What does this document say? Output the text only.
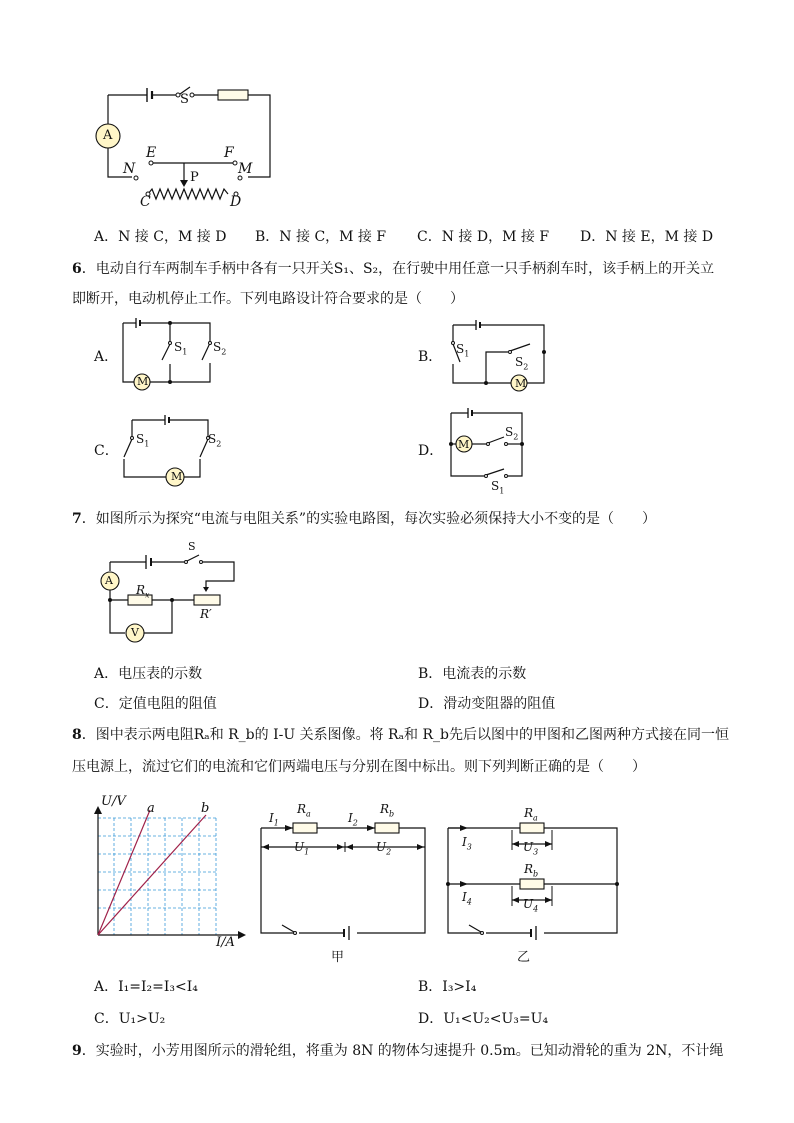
S
A
E	F
N	M
P
C	D
A．N 接 C，M 接 D B．N 接 C，M 接 F C．N 接 D，M 接 F D．N 接 E，M 接 D
6．电动自行车两制车手柄中各有一只开关S₁、S₂，在行驶中用任意一只手柄刹车时，该手柄上的开关立
即断开，电动机停止工作。下列电路设计符合要求的是（　　）
A．
M
$S_1$ $S_2$	B．
M
$S_1$
$S_2$
C．
M
$S_1$	$S_2$	D． M
$S_2$
$S_1$
7．如图所示为探究“电流与电阻关系”的实验电路图，每次实验必须保持大小不变的是（　　）
S
A
$R_x$
R′
V
A．电压表的示数	B．电流表的示数
C．定值电阻的阻值	D．滑动变阻器的阻值
8．图中表示两电阻Rₐ和 R_b的 I-U 关系图像。将 Rₐ和 R_b先后以图中的甲图和乙图两种方式接在同一恒
压电源上，流过它们的电流和它们两端电压与分别在图中标出。则下列判断正确的是（　　）
U/V
I/A
a	b
$I_1$
$R_a$	$I_2$
$R_b$
$U_1$	$U_2$
甲
$R_a$
$I_3$	$U_3$
$R_b$
$I_4$	$U_4$
乙
A．I₁=I₂=I₃<I₄	B．I₃>I₄
C．U₁>U₂	D．U₁<U₂<U₃=U₄
9．实验时，小芳用图所示的滑轮组，将重为 8N 的物体匀速提升 0.5m。已知动滑轮的重为 2N，不计绳
